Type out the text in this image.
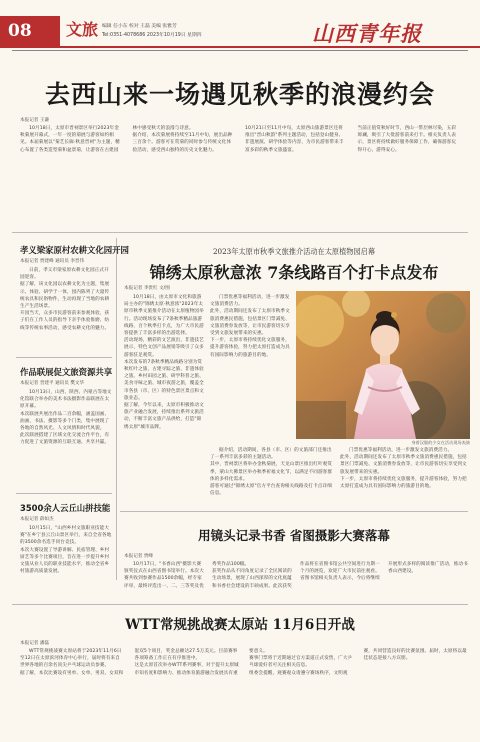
08	文旅 编辑 任小东 校对 王磊 美编 张雅芳
Tel:0351-4078686 2023年10月19日 星期四	山西青年报
去西山来一场遇见秋季的浪漫约会
本报记者 王谦
10月18日，太原市晋祠景区举行2023年金秋菊展开幕式，一年一度的菊展与游客如约相见。本届菊展以"菊艺长廊·秋意晋祠"为主题，精心布置了各类造型菊和盆景菊，让游客在古建园林中感受秋天的浪漫与诗意。
据介绍，本次菊展将持续至11月中旬，展出品种三百余个。游客可在赏菊的同时参与传统文化体验活动，感受西山独特的历史文化魅力。
10月21日至11月中旬，太原西山旅游景区还将推出"晋山秋韵"系列主题活动，包括登山健身、非遗展演、研学体验等内容，为市民游客带来丰富多彩的秋季文旅盛宴。
当前正值赏秋好时节，西山一带层林尽染，五彩斑斓，吸引了大批游客前来打卡。相关负责人表示，景区将持续做好服务保障工作，确保游客玩得开心、游得安心。
孝义梁家原村农耕文化园开园
本报记者 贾建峰 通讯员 李晋伟
日前，孝义市梁家原农耕文化园正式开园迎客。
据了解，该文化园以农耕文化为主题，集展示、体验、研学于一体，园内陈列了大量传统农具和民俗物件，生动再现了当地的农耕生产生活场景。
开园当天，众多市民游客前来参观体验，孩子们在工作人员的指导下亲手体验推磨、纺线等传统农事活动，感受农耕文化的魅力。
作品联展促文旅资源共享
本报记者 晋建平 通讯员 樊文华
10月13日，山西、陕西、内蒙古等地文化馆联合举办的美术书法摄影作品联展在太原开幕。
本次联展共展出作品二百余幅，涵盖国画、油画、书法、摄影等多个门类，集中展现了各地的自然风光、人文风情和时代风貌。
此次联展搭建了区域文化交流合作平台，有力促进了文旅资源的互联互通、共享共赢。
3500余人云丘山拼技能
本报记者 薛如杰
10月15日，"山西乡村文旅职业技能大赛"在乡宁县云丘山景区举行，来自全省各地的3500余名选手同台竞技。
本次大赛设置了导游讲解、民宿管理、乡村厨艺等多个比赛项目，旨在进一步提升乡村文旅从业人员的职业技能水平，推动全省乡村旅游高质量发展。
2023年太原市秋季文旅推介活动在太原植物园启幕
锦绣太原秋意浓 7条线路百个打卡点发布
本报记者 李贵红 文/图
10月18日，由太原市文化和旅游局主办的"锦绣太原·秋意浓"2023年太原市秋季文旅推介活动在太原植物园举行。活动现场发布了7条秋季精品旅游线路、百个秋季打卡点，为广大市民游客提供了丰富多样的出游选择。
活动现场，精彩的文艺演出、非遗技艺展示、特色文创产品展销等吸引了众多游客驻足观赏。
本次发布的7条秋季精品线路分别为赏秋红叶之旅、古建寻踪之旅、非遗体验之旅、乡村田园之旅、研学科普之旅、美食寻味之旅、城市夜游之旅，覆盖全市各县（市、区）的特色景区景点和文旅业态。
据了解，今年以来，太原市积极推动文旅产业融合发展，持续推出系列文旅活动，不断丰富文旅产品供给，打造"锦绣太原"城市品牌。
门票优惠等福利活动，进一步激发文旅消费活力。
此外，活动期间还发布了太原市秋季文旅消费惠民措施，包括景区门票减免、文旅消费券发放等，让市民游客切实享受到文旅发展带来的实惠。
下一步，太原市将持续优化文旅服务，提升游客体验，努力把太原打造成为具有国际影响力的旅游目的地。
身着汉服的少女在活动现场表演
据介绍，活动期间，各县（市、区）的文旅部门还推出了一系列丰富多彩的主题活动。
其中，晋祠景区将举办金秋菊展，天龙山景区推出红叶观赏季，蒙山大佛景区举办秋季祈福文化节，以满足不同游客群体的多样化需求。
游客可通过"锦绣太原"官方平台查询相关线路及打卡点详细信息。
门票优惠等福利活动，进一步激发文旅消费活力。
此外，活动期间还发布了太原市秋季文旅消费惠民措施，包括景区门票减免、文旅消费券发放等，让市民游客切实享受到文旅发展带来的实惠。
下一步，太原市将持续优化文旅服务，提升游客体验，努力把太原打造成为具有国际影响力的旅游目的地。
用镜头记录书香 省图摄影大赛落幕
本报记者 贾峰
10月17日，"书香山西"摄影大赛颁奖仪式在山西省图书馆举行。本次大赛共收到参赛作品1500余幅，经专家评审，最终评选出一、二、三等奖及优秀奖作品100幅。
获奖作品从不同角度记录了全民阅读的生动场景，展现了山西深厚的文化底蕴和书香社会建设的丰硕成果。此次获奖作品将在省图书馆公共空间进行为期一个月的展览，欢迎广大市民前往观看。
省图书馆相关负责人表示，今后将继续开展形式多样的阅读推广活动，推动书香山西建设。
WTT常规挑战赛太原站 11月6日开战
本报记者 潘磊
WTT常规挑战赛太原站将于2023年11月6日至12日在太原滨河体育中心举行，届时将有来自世界各地的百余名顶尖乒乓球运动员参赛。
据了解，本次比赛设有男单、女单、男双、女双和混双5个项目，奖金总额达27.5万美元。目前赛事各项筹备工作正在有序推进中。
这是太原首次举办WTT系列赛事，对于提升太原城市知名度和影响力、推动体育旅游融合发展具有重要意义。
赛事门票将于近期通过官方渠道正式发售，广大乒乓球爱好者可关注相关信息。
组委会提醒，观赛观众请遵守赛场秩序，文明观赛，共同营造良好的比赛氛围。届时，太原将以最佳状态迎接八方宾朋。
